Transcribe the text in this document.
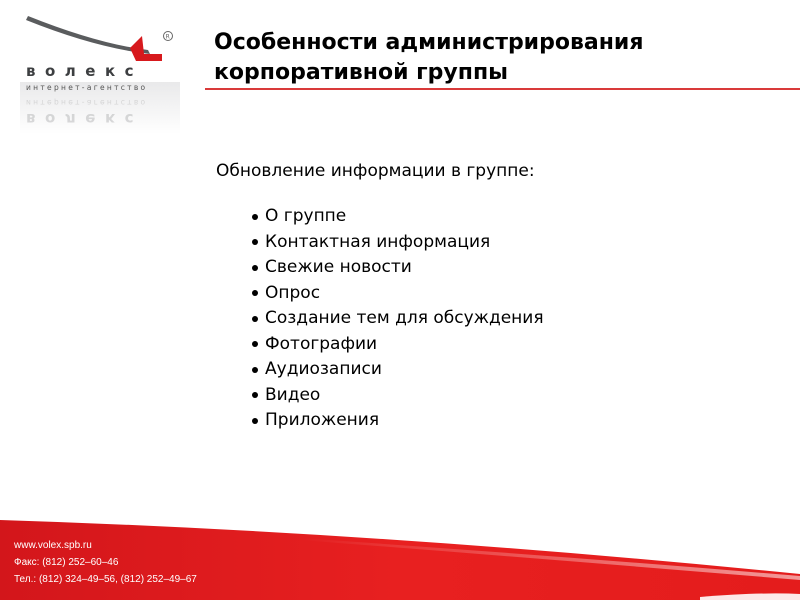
R
волекс
интернет-агентство
волекс
интернет-агентство
Особенности администрирования
корпоративной группы

Обновление информации в группе:

О группе
Контактная информация
Свежие новости
Опрос
Создание тем для обсуждения
Фотографии
Аудиозаписи
Видео
Приложения
www.volex.spb.ru
Факс: (812) 252–60–46
Тел.: (812) 324–49–56, (812) 252–49–67
